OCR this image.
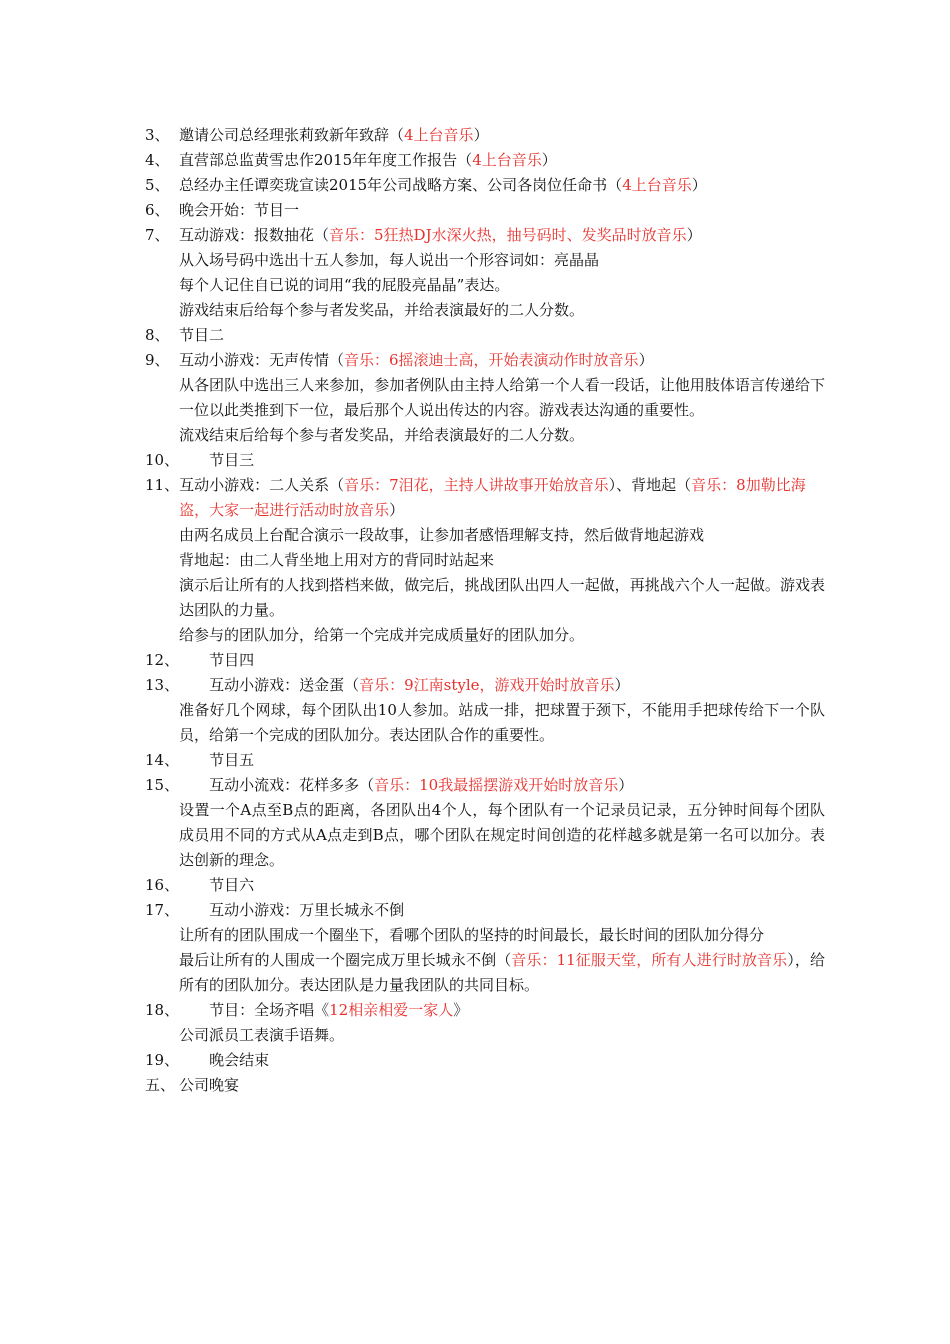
3、 邀请公司总经理张莉致新年致辞（4上台音乐）
4、 直营部总监黄雪忠作2015年年度工作报告（4上台音乐）
5、 总经办主任谭奕珑宣读2015年公司战略方案、公司各岗位任命书（4上台音乐）
6、 晚会开始：节目一
7、 互动游戏：报数抽花（音乐：5狂热DJ水深火热，抽号码时、发奖品时放音乐）
从入场号码中选出十五人参加，每人说出一个形容词如：亮晶晶
每个人记住自已说的词用“我的屁股亮晶晶”表达。
游戏结束后给每个参与者发奖品，并给表演最好的二人分数。
8、 节目二
9、 互动小游戏：无声传情（音乐：6摇滚迪士高，开始表演动作时放音乐）
从各团队中选出三人来参加，参加者例队由主持人给第一个人看一段话，让他用肢体语言传递给下一位以此类推到下一位，最后那个人说出传达的内容。游戏表达沟通的重要性。
流戏结束后给每个参与者发奖品，并给表演最好的二人分数。
10、 　　节目三
11、 互动小游戏：二人关系（音乐：7泪花，主持人讲故事开始放音乐）、背地起（音乐：8加勒比海盗，大家一起进行活动时放音乐）
由两名成员上台配合演示一段故事，让参加者感悟理解支持，然后做背地起游戏
背地起：由二人背坐地上用对方的背同时站起来
演示后让所有的人找到搭档来做，做完后，挑战团队出四人一起做，再挑战六个人一起做。游戏表达团队的力量。
给参与的团队加分，给第一个完成并完成质量好的团队加分。
12、 　　节目四
13、 　　互动小游戏：送金蛋（音乐：9江南style，游戏开始时放音乐）
准备好几个网球，每个团队出10人参加。站成一排，把球置于颈下，不能用手把球传给下一个队员，给第一个完成的团队加分。表达团队合作的重要性。
14、 　　节目五
15、 　　互动小流戏：花样多多（音乐：10我最摇摆游戏开始时放音乐）
设置一个A点至B点的距离，各团队出4个人，每个团队有一个记录员记录，五分钟时间每个团队成员用不同的方式从A点走到B点，哪个团队在规定时间创造的花样越多就是第一名可以加分。表达创新的理念。
16、 　　节目六
17、 　　互动小游戏：万里长城永不倒
让所有的团队围成一个圈坐下，看哪个团队的坚持的时间最长，最长时间的团队加分得分
最后让所有的人围成一个圈完成万里长城永不倒（音乐：11征服天堂，所有人进行时放音乐），给所有的团队加分。表达团队是力量我团队的共同目标。
18、 　　节目：全场齐唱《12相亲相爱一家人》
公司派员工表演手语舞。
19、 　　晚会结束
五、 公司晚宴
